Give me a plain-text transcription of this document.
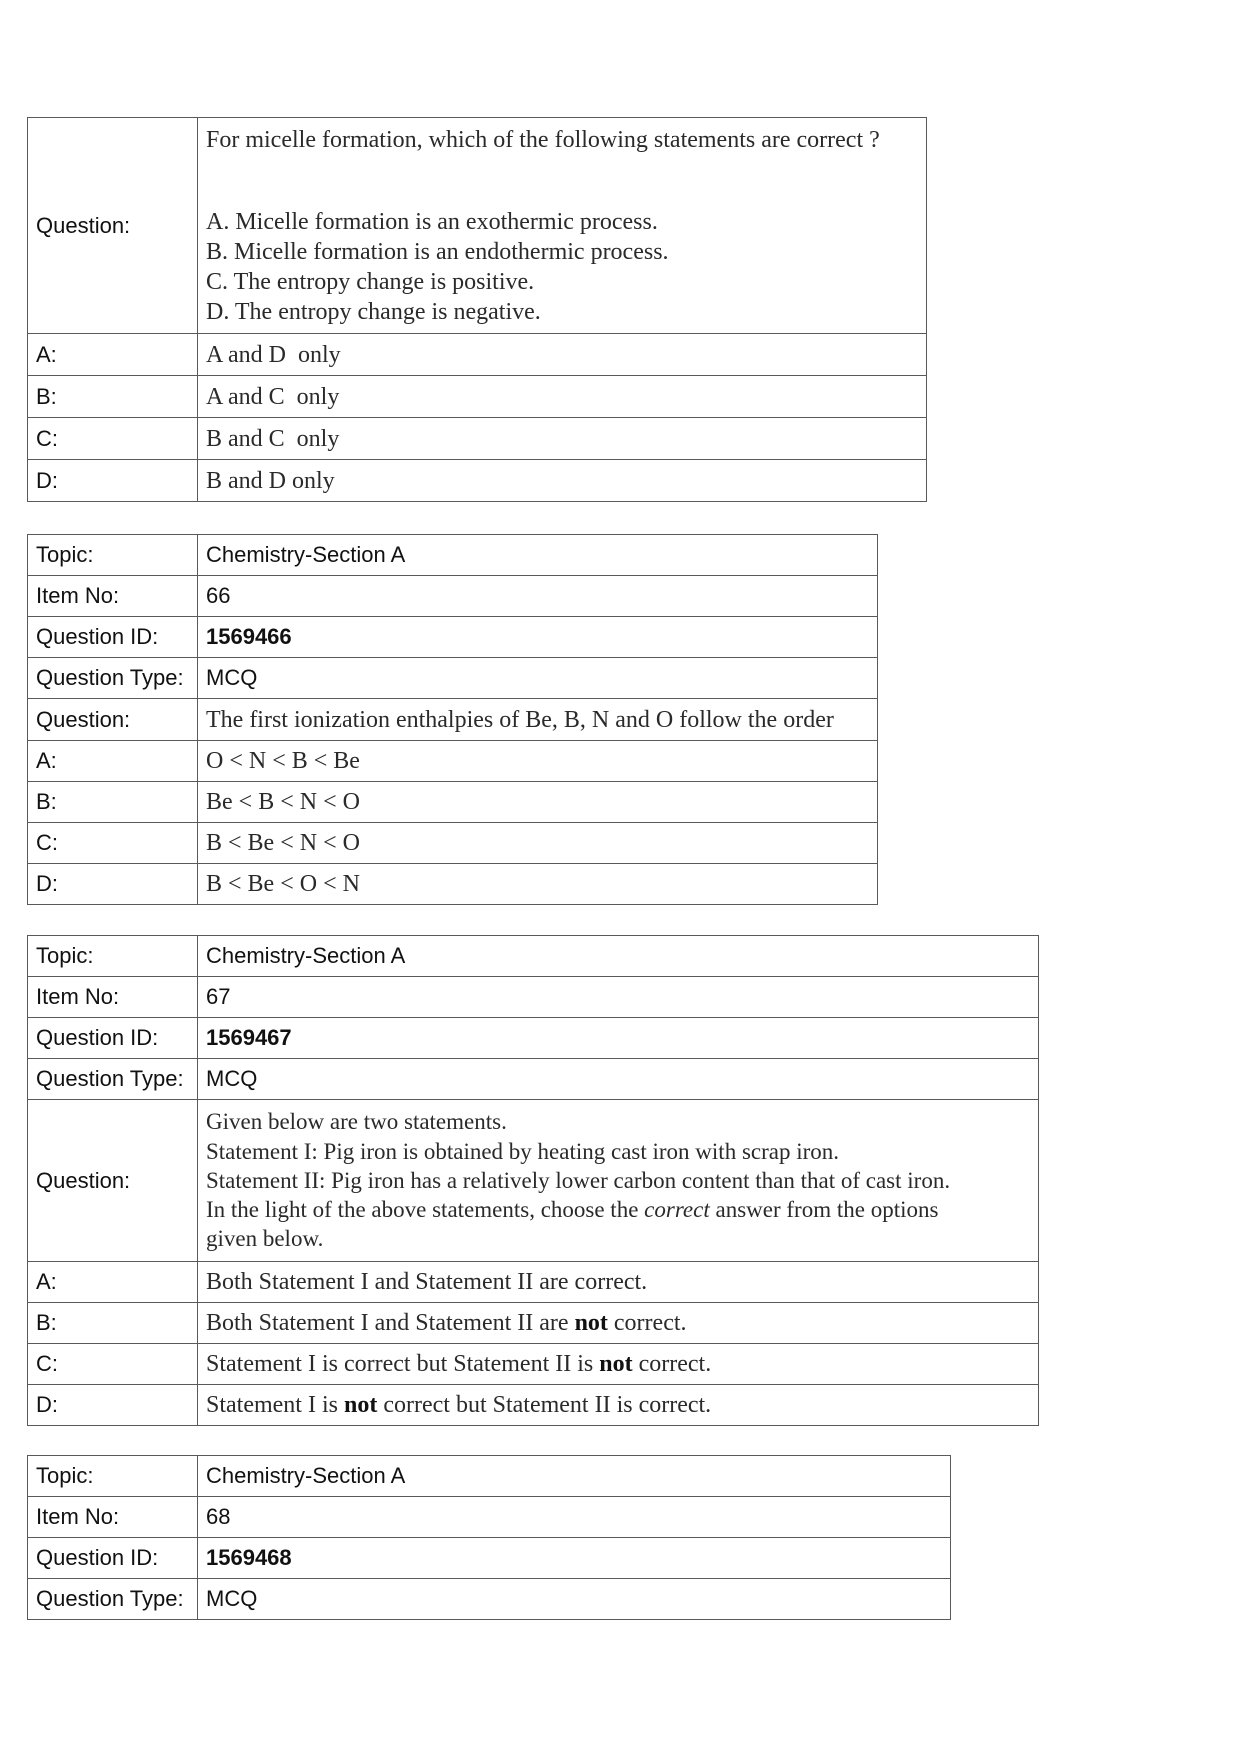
Question:	For micelle formation, which of the following statements are correct ?
A. Micelle formation is an exothermic process.
B. Micelle formation is an endothermic process.
C. The entropy change is positive.
D. The entropy change is negative.

A:	A and D  only
B:	A and C  only
C:	B and C  only
D:	B and D only
Topic:	Chemistry-Section A
Item No:	66
Question ID:	1569466
Question Type:	MCQ
Question:	The first ionization enthalpies of Be, B, N and O follow the order
A:	O < N < B < Be
B:	Be < B < N < O
C:	B < Be < N < O
D:	B < Be < O < N
Topic:	Chemistry-Section A
Item No:	67
Question ID:	1569467
Question Type:	MCQ
Question:	Given below are two statements.
Statement I: Pig iron is obtained by heating cast iron with scrap iron.
Statement II: Pig iron has a relatively lower carbon content than that of cast iron.
In the light of the above statements, choose the correct answer from the options
given below.

A:	Both Statement I and Statement II are correct.
B:	Both Statement I and Statement II are not correct.
C:	Statement I is correct but Statement II is not correct.
D:	Statement I is not correct but Statement II is correct.
Topic:	Chemistry-Section A
Item No:	68
Question ID:	1569468
Question Type:	MCQ
